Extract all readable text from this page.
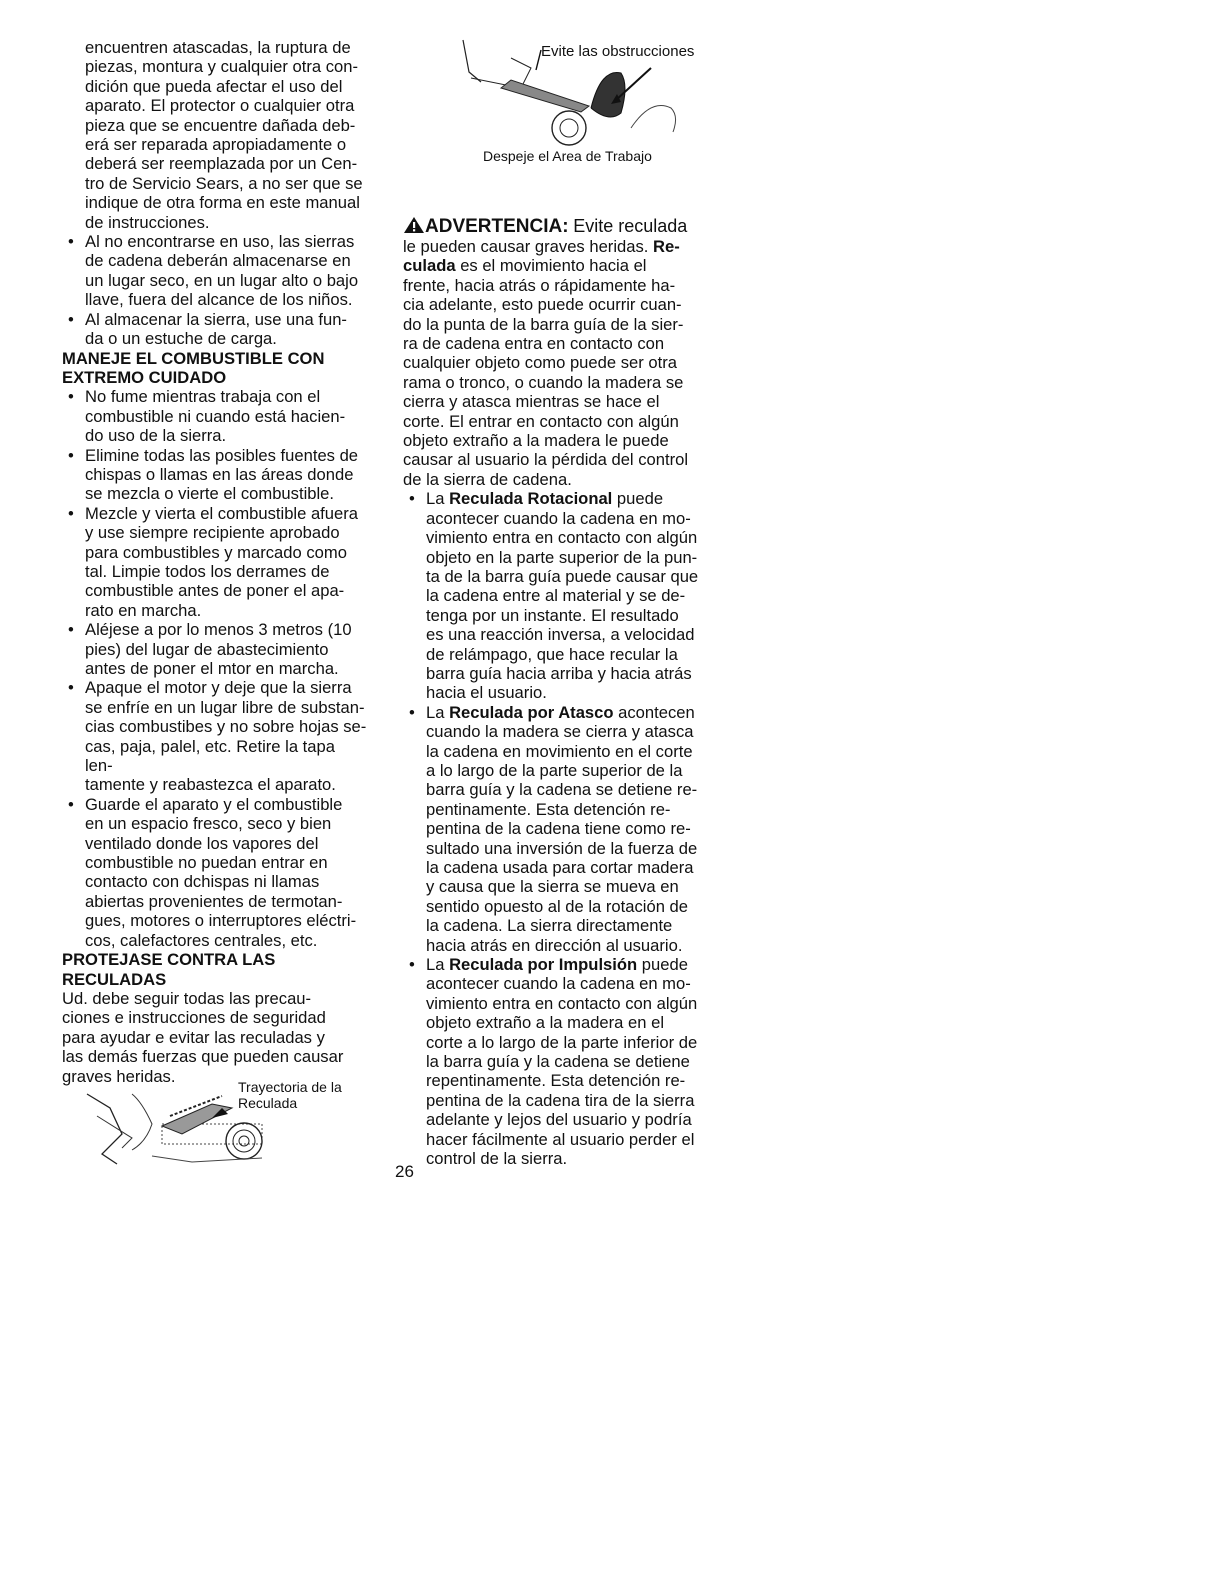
encuentren atascadas, la ruptura de
piezas, montura y cualquier otra con-
dición que pueda afectar el uso del
aparato. El protector o cualquier otra
pieza que se encuentre dañada deb-
erá ser reparada apropiadamente o
deberá ser reemplazada por un Cen-
tro de Servicio Sears, a no ser que se
indique de otra forma en este manual
de instrucciones.
• Al no encontrarse en uso, las sierras
de cadena deberán almacenarse en
un lugar seco, en un lugar alto o bajo
llave, fuera del alcance de los niños.
• Al almacenar la sierra, use una fun-
da o un estuche de carga.
MANEJE EL COMBUSTIBLE CON
EXTREMO CUIDADO
• No fume mientras trabaja con el
combustible ni cuando está hacien-
do uso de la sierra.
• Elimine todas las posibles fuentes de
chispas o llamas en las áreas donde
se mezcla o vierte el combustible.
• Mezcle y vierta el combustible afuera
y use siempre recipiente aprobado
para combustibles y marcado como
tal. Limpie todos los derrames de
combustible antes de poner el apa-
rato en marcha.
• Aléjese a por lo menos 3 metros (10
pies) del lugar de abastecimiento
antes de poner el mtor en marcha.
• Apaque el motor y deje que la sierra
se enfríe en un lugar libre de substan-
cias combustibes y no sobre hojas se-
cas, paja, palel, etc. Retire la tapa len-
tamente y reabastezca el aparato.
• Guarde el aparato y el combustible
en un espacio fresco, seco y bien
ventilado donde los vapores del
combustible no puedan entrar en
contacto con dchispas ni llamas
abiertas provenientes de termotan-
gues, motores o interruptores eléctri-
cos, calefactores centrales, etc.
PROTEJASE CONTRA LAS
RECULADAS
Ud. debe seguir todas las precau-
ciones e instrucciones de seguridad
para ayudar e evitar las reculadas y
las demás fuerzas que pueden causar
graves heridas.
Trayectoria de la
Reculada
Evite las obstrucciones
Despeje el Area de Trabajo
ADVERTENCIA: Evite reculada
le pueden causar graves heridas. Re-
culada es el movimiento hacia el
frente, hacia atrás o rápidamente ha-
cia adelante, esto puede ocurrir cuan-
do la punta de la barra guía de la sier-
ra de cadena entra en contacto con
cualquier objeto como puede ser otra
rama o tronco, o cuando la madera se
cierra y atasca mientras se hace el
corte. El entrar en contacto con algún
objeto extraño a la madera le puede
causar al usuario la pérdida del control
de la sierra de cadena.
• La Reculada Rotacional puede
acontecer cuando la cadena en mo-
vimiento entra en contacto con algún
objeto en la parte superior de la pun-
ta de la barra guía puede causar que
la cadena entre al material y se de-
tenga por un instante. El resultado
es una reacción inversa, a velocidad
de relámpago, que hace recular la
barra guía hacia arriba y hacia atrás
hacia el usuario.
• La Reculada por Atasco acontecen
cuando la madera se cierra y atasca
la cadena en movimiento en el corte
a lo largo de la parte superior de la
barra guía y la cadena se detiene re-
pentinamente. Esta detención re-
pentina de la cadena tiene como re-
sultado una inversión de la fuerza de
la cadena usada para cortar madera
y causa que la sierra se mueva en
sentido opuesto al de la rotación de
la cadena. La sierra directamente
hacia atrás en dirección al usuario.
• La Reculada por Impulsión puede
acontecer cuando la cadena en mo-
vimiento entra en contacto con algún
objeto extraño a la madera en el
corte a lo largo de la parte inferior de
la barra guía y la cadena se detiene
repentinamente. Esta detención re-
pentina de la cadena tira de la sierra
adelante y lejos del usuario y podría
hacer fácilmente al usuario perder el
control de la sierra.
26
